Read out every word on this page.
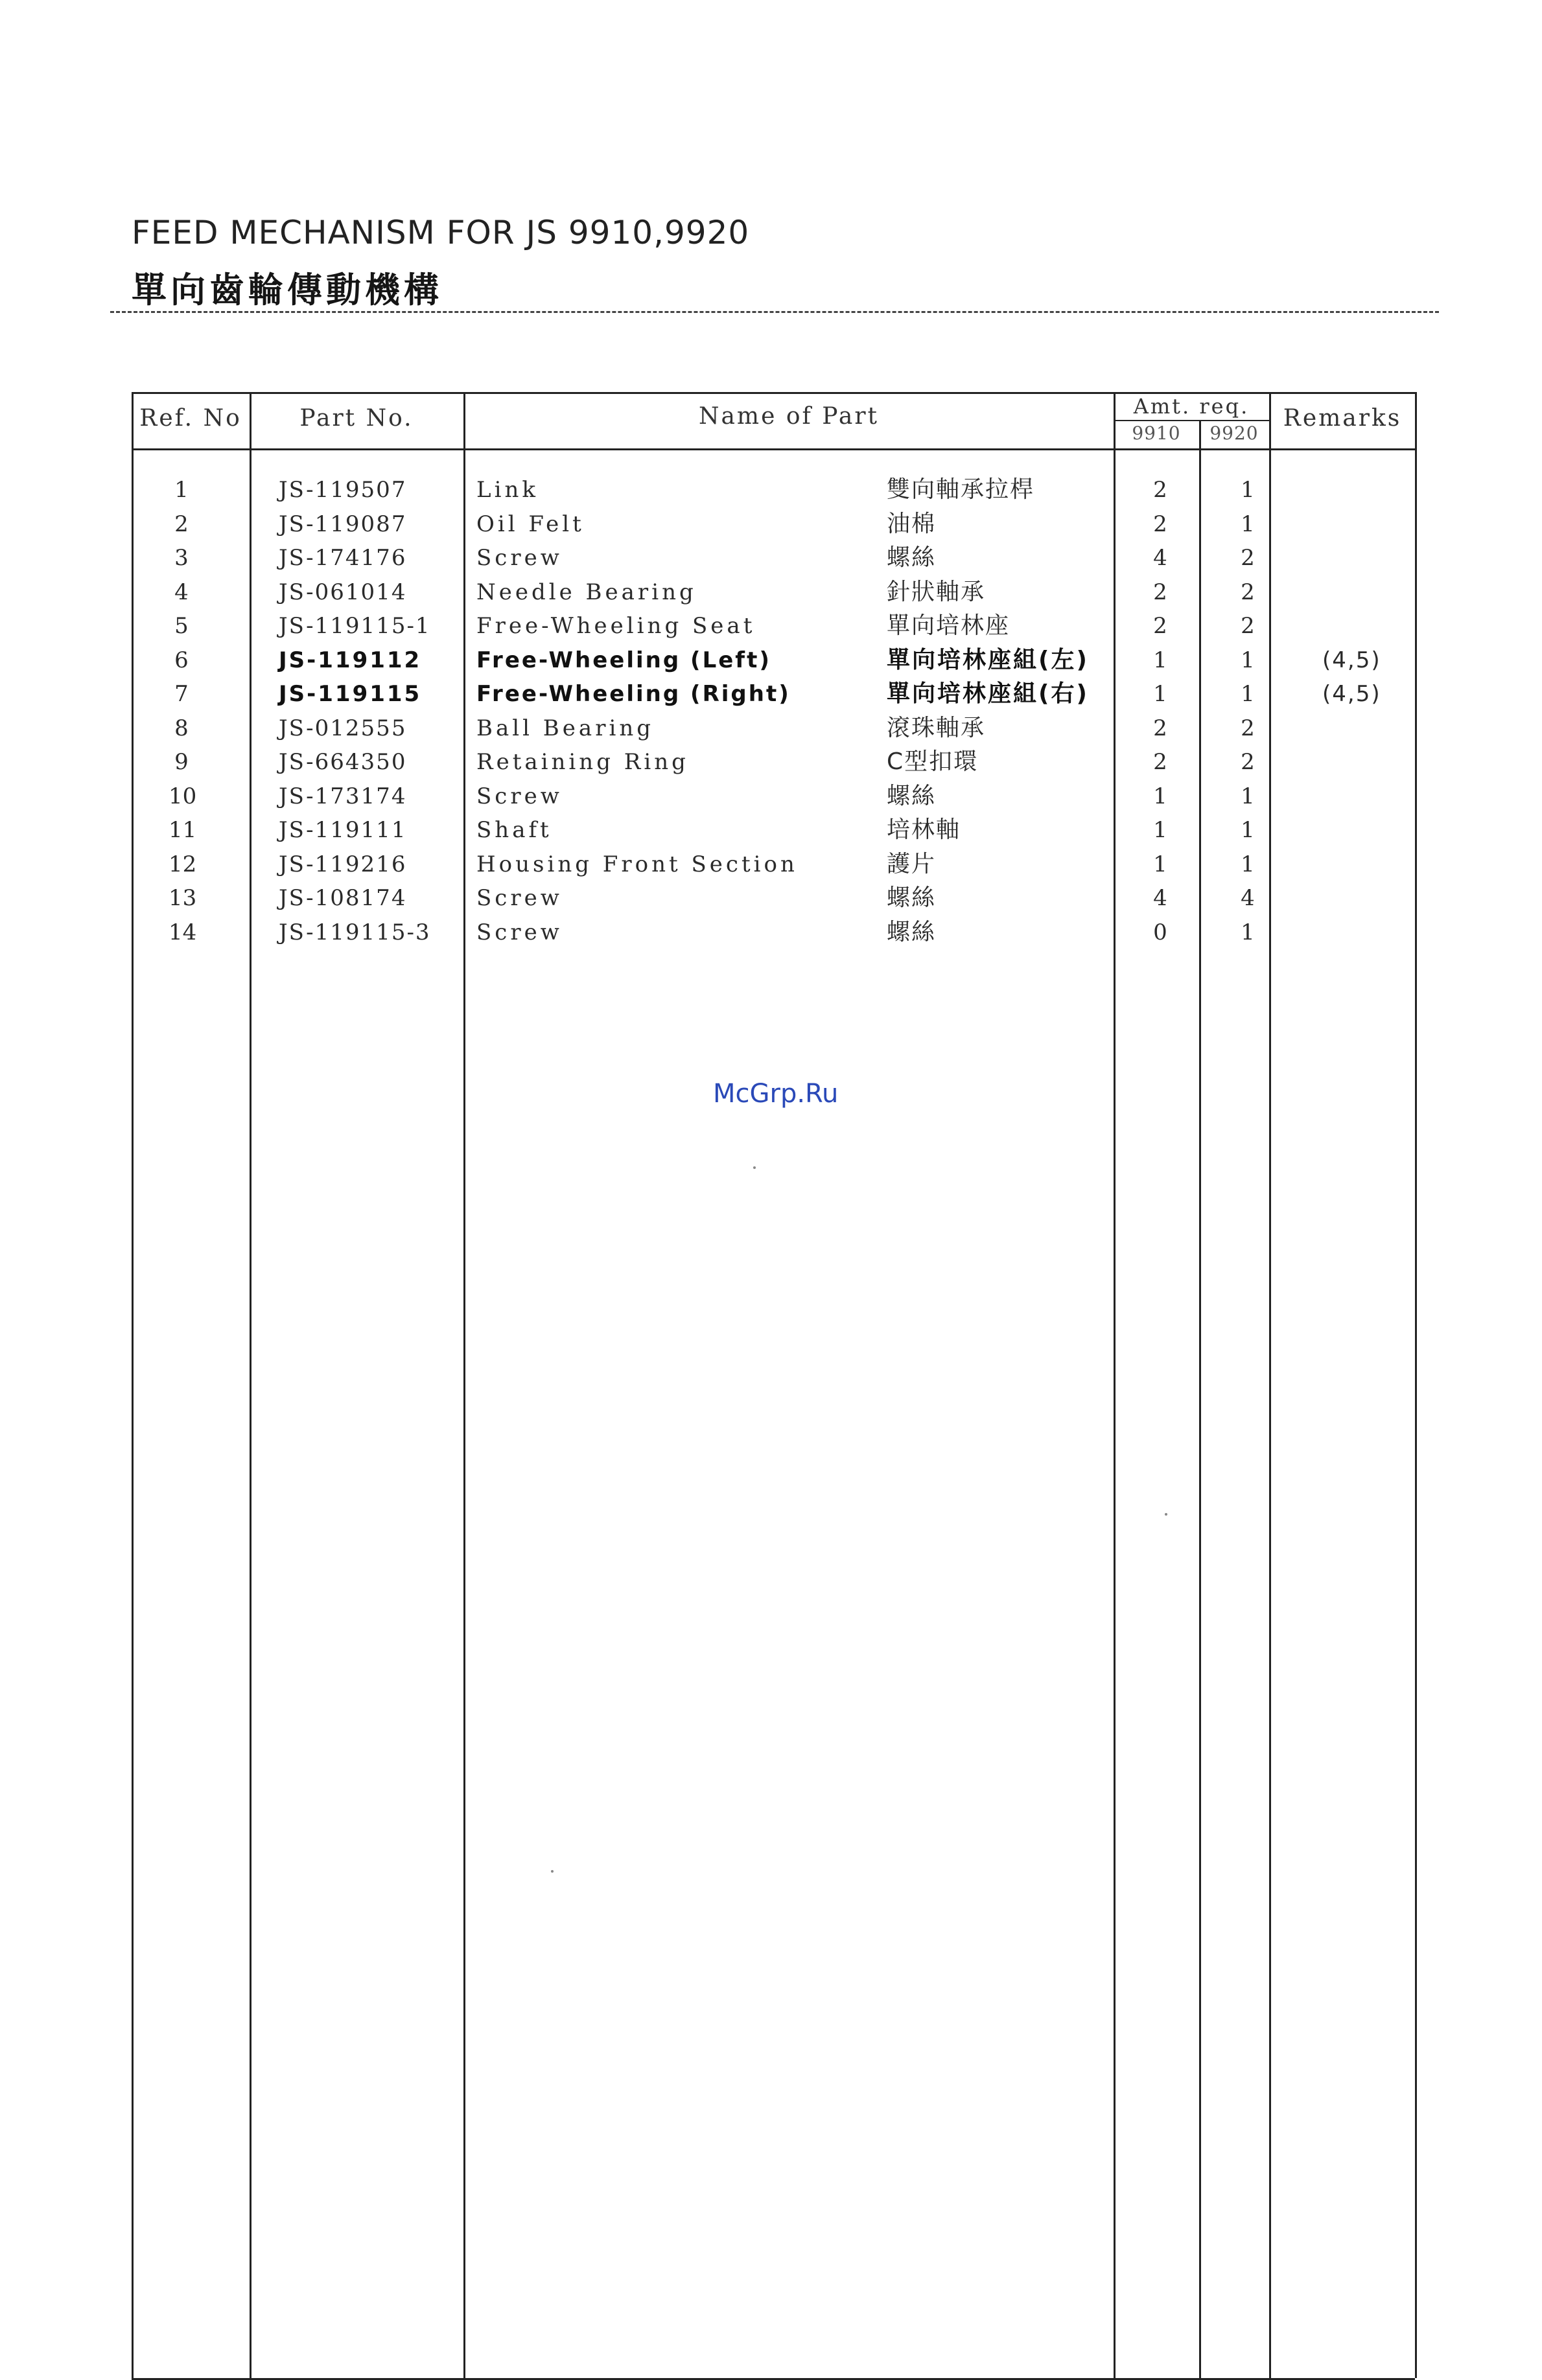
FEED MECHANISM FOR JS 9910,9920
單向齒輪傳動機構
Ref. No	Part No.	Name of Part	Amt. req.
9910	9920
Remarks
1	JS-119507	Link	雙向軸承拉桿	2	1
2	JS-119087	Oil Felt	油棉	2	1
3	JS-174176	Screw	螺絲	4	2
4	JS-061014	Needle Bearing	針狀軸承	2	2
5	JS-119115-1 Free-Wheeling Seat	單向培林座	2	2
6	JS-119112 Free-Wheeling (Left)	單向培林座組(左)	1	1	(4,5)
7	JS-119115 Free-Wheeling (Right)	單向培林座組(右)	1	1	(4,5)
8	JS-012555	Ball Bearing	滾珠軸承	2	2
9	JS-664350	Retaining Ring	C型扣環	2	2
10	JS-173174	Screw	螺絲	1	1
11	JS-119111	Shaft	培林軸	1	1
12	JS-119216	Housing Front Section	護片	1	1
13	JS-108174	Screw	螺絲	4	4
14	JS-119115-3 Screw	螺絲	0	1
McGrp.Ru
